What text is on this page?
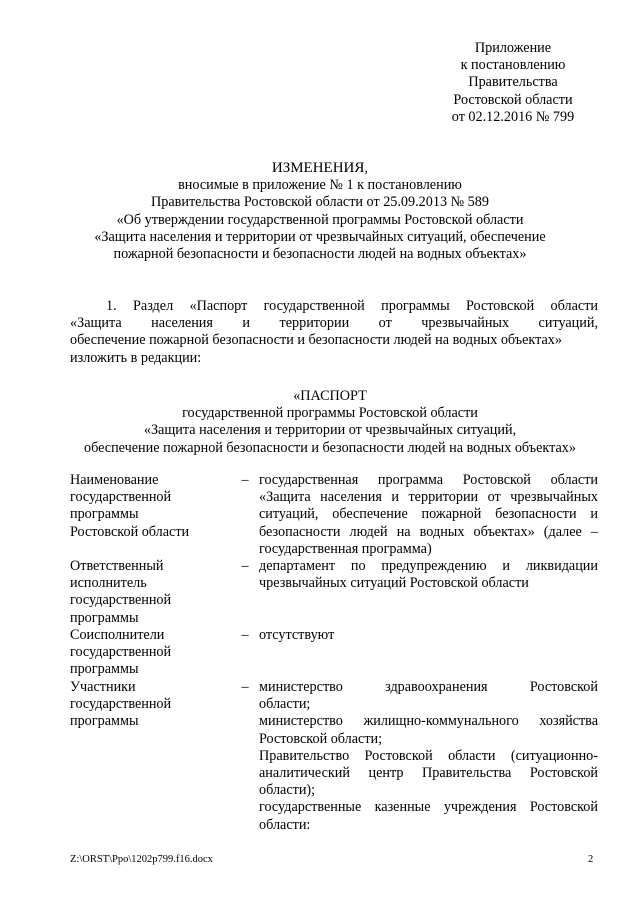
Приложение
к постановлению
Правительства
Ростовской области
от 02.12.2016 № 799
ИЗМЕНЕНИЯ,
вносимые в приложение № 1 к постановлению
Правительства Ростовской области от 25.09.2013 № 589
«Об утверждении государственной программы Ростовской области
«Защита населения и территории от чрезвычайных ситуаций, обеспечение
пожарной безопасности и безопасности людей на водных объектах»
1. Раздел «Паспорт государственной программы Ростовской области
«Защита населения и территории от чрезвычайных ситуаций,
обеспечение пожарной безопасности и безопасности людей на водных объектах»
изложить в редакции:
«ПАСПОРТ
государственной программы Ростовской области
«Защита населения и территории от чрезвычайных ситуаций,
обеспечение пожарной безопасности и безопасности людей на водных объектах»
Наименование
государственной
программы
Ростовской области
– государственная программа Ростовской области
«Защита населения и территории от чрезвычайных
ситуаций, обеспечение пожарной безопасности и
безопасности людей на водных объектах» (далее –
государственная программа)
Ответственный
исполнитель
государственной
программы
– департамент по предупреждению и ликвидации
чрезвычайных ситуаций Ростовской области
Соисполнители
государственной
программы
– отсутствуют
Участники
государственной
программы
– министерство здравоохранения Ростовской
области;
министерство жилищно-коммунального хозяйства
Ростовской области;
Правительство Ростовской области (ситуационно-
аналитический центр Правительства Ростовской
области);
государственные казенные учреждения Ростовской
области:
Z:\ORST\Ppo\1202p799.f16.docx	2
